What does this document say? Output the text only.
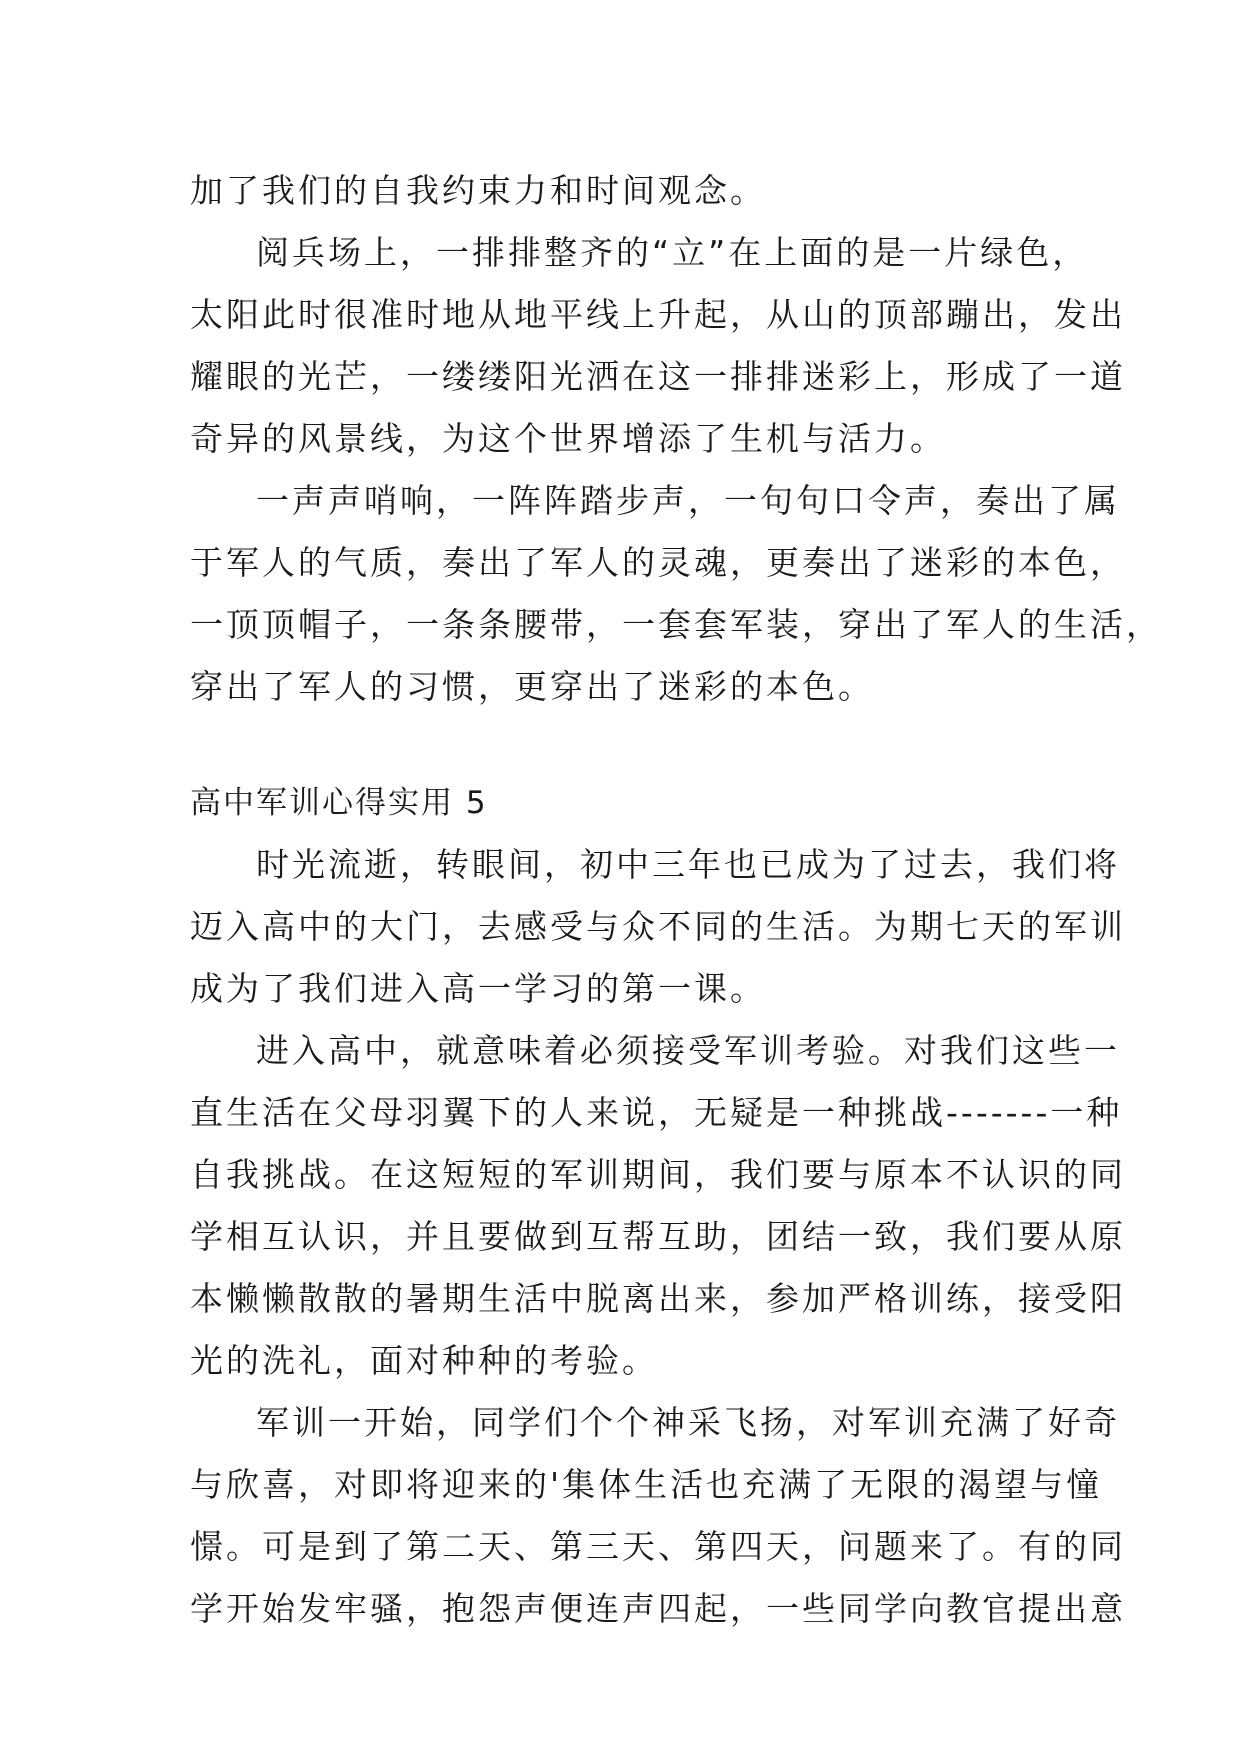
加了我们的自我约束力和时间观念。
阅兵场上，一排排整齐的“立”在上面的是一片绿色，
太阳此时很准时地从地平线上升起，从山的顶部蹦出，发出
耀眼的光芒，一缕缕阳光洒在这一排排迷彩上，形成了一道
奇异的风景线，为这个世界增添了生机与活力。
一声声哨响，一阵阵踏步声，一句句口令声，奏出了属
于军人的气质，奏出了军人的灵魂，更奏出了迷彩的本色，
一顶顶帽子，一条条腰带，一套套军装，穿出了军人的生活，
穿出了军人的习惯，更穿出了迷彩的本色。
高中军训心得实用 5
时光流逝，转眼间，初中三年也已成为了过去，我们将
迈入高中的大门，去感受与众不同的生活。为期七天的军训
成为了我们进入高一学习的第一课。
进入高中，就意味着必须接受军训考验。对我们这些一
直生活在父母羽翼下的人来说，无疑是一种挑战-------一种
自我挑战。在这短短的军训期间，我们要与原本不认识的同
学相互认识，并且要做到互帮互助，团结一致，我们要从原
本懒懒散散的暑期生活中脱离出来，参加严格训练，接受阳
光的洗礼，面对种种的考验。
军训一开始，同学们个个神采飞扬，对军训充满了好奇
与欣喜，对即将迎来的'集体生活也充满了无限的渴望与憧
憬。可是到了第二天、第三天、第四天，问题来了。有的同
学开始发牢骚，抱怨声便连声四起，一些同学向教官提出意
